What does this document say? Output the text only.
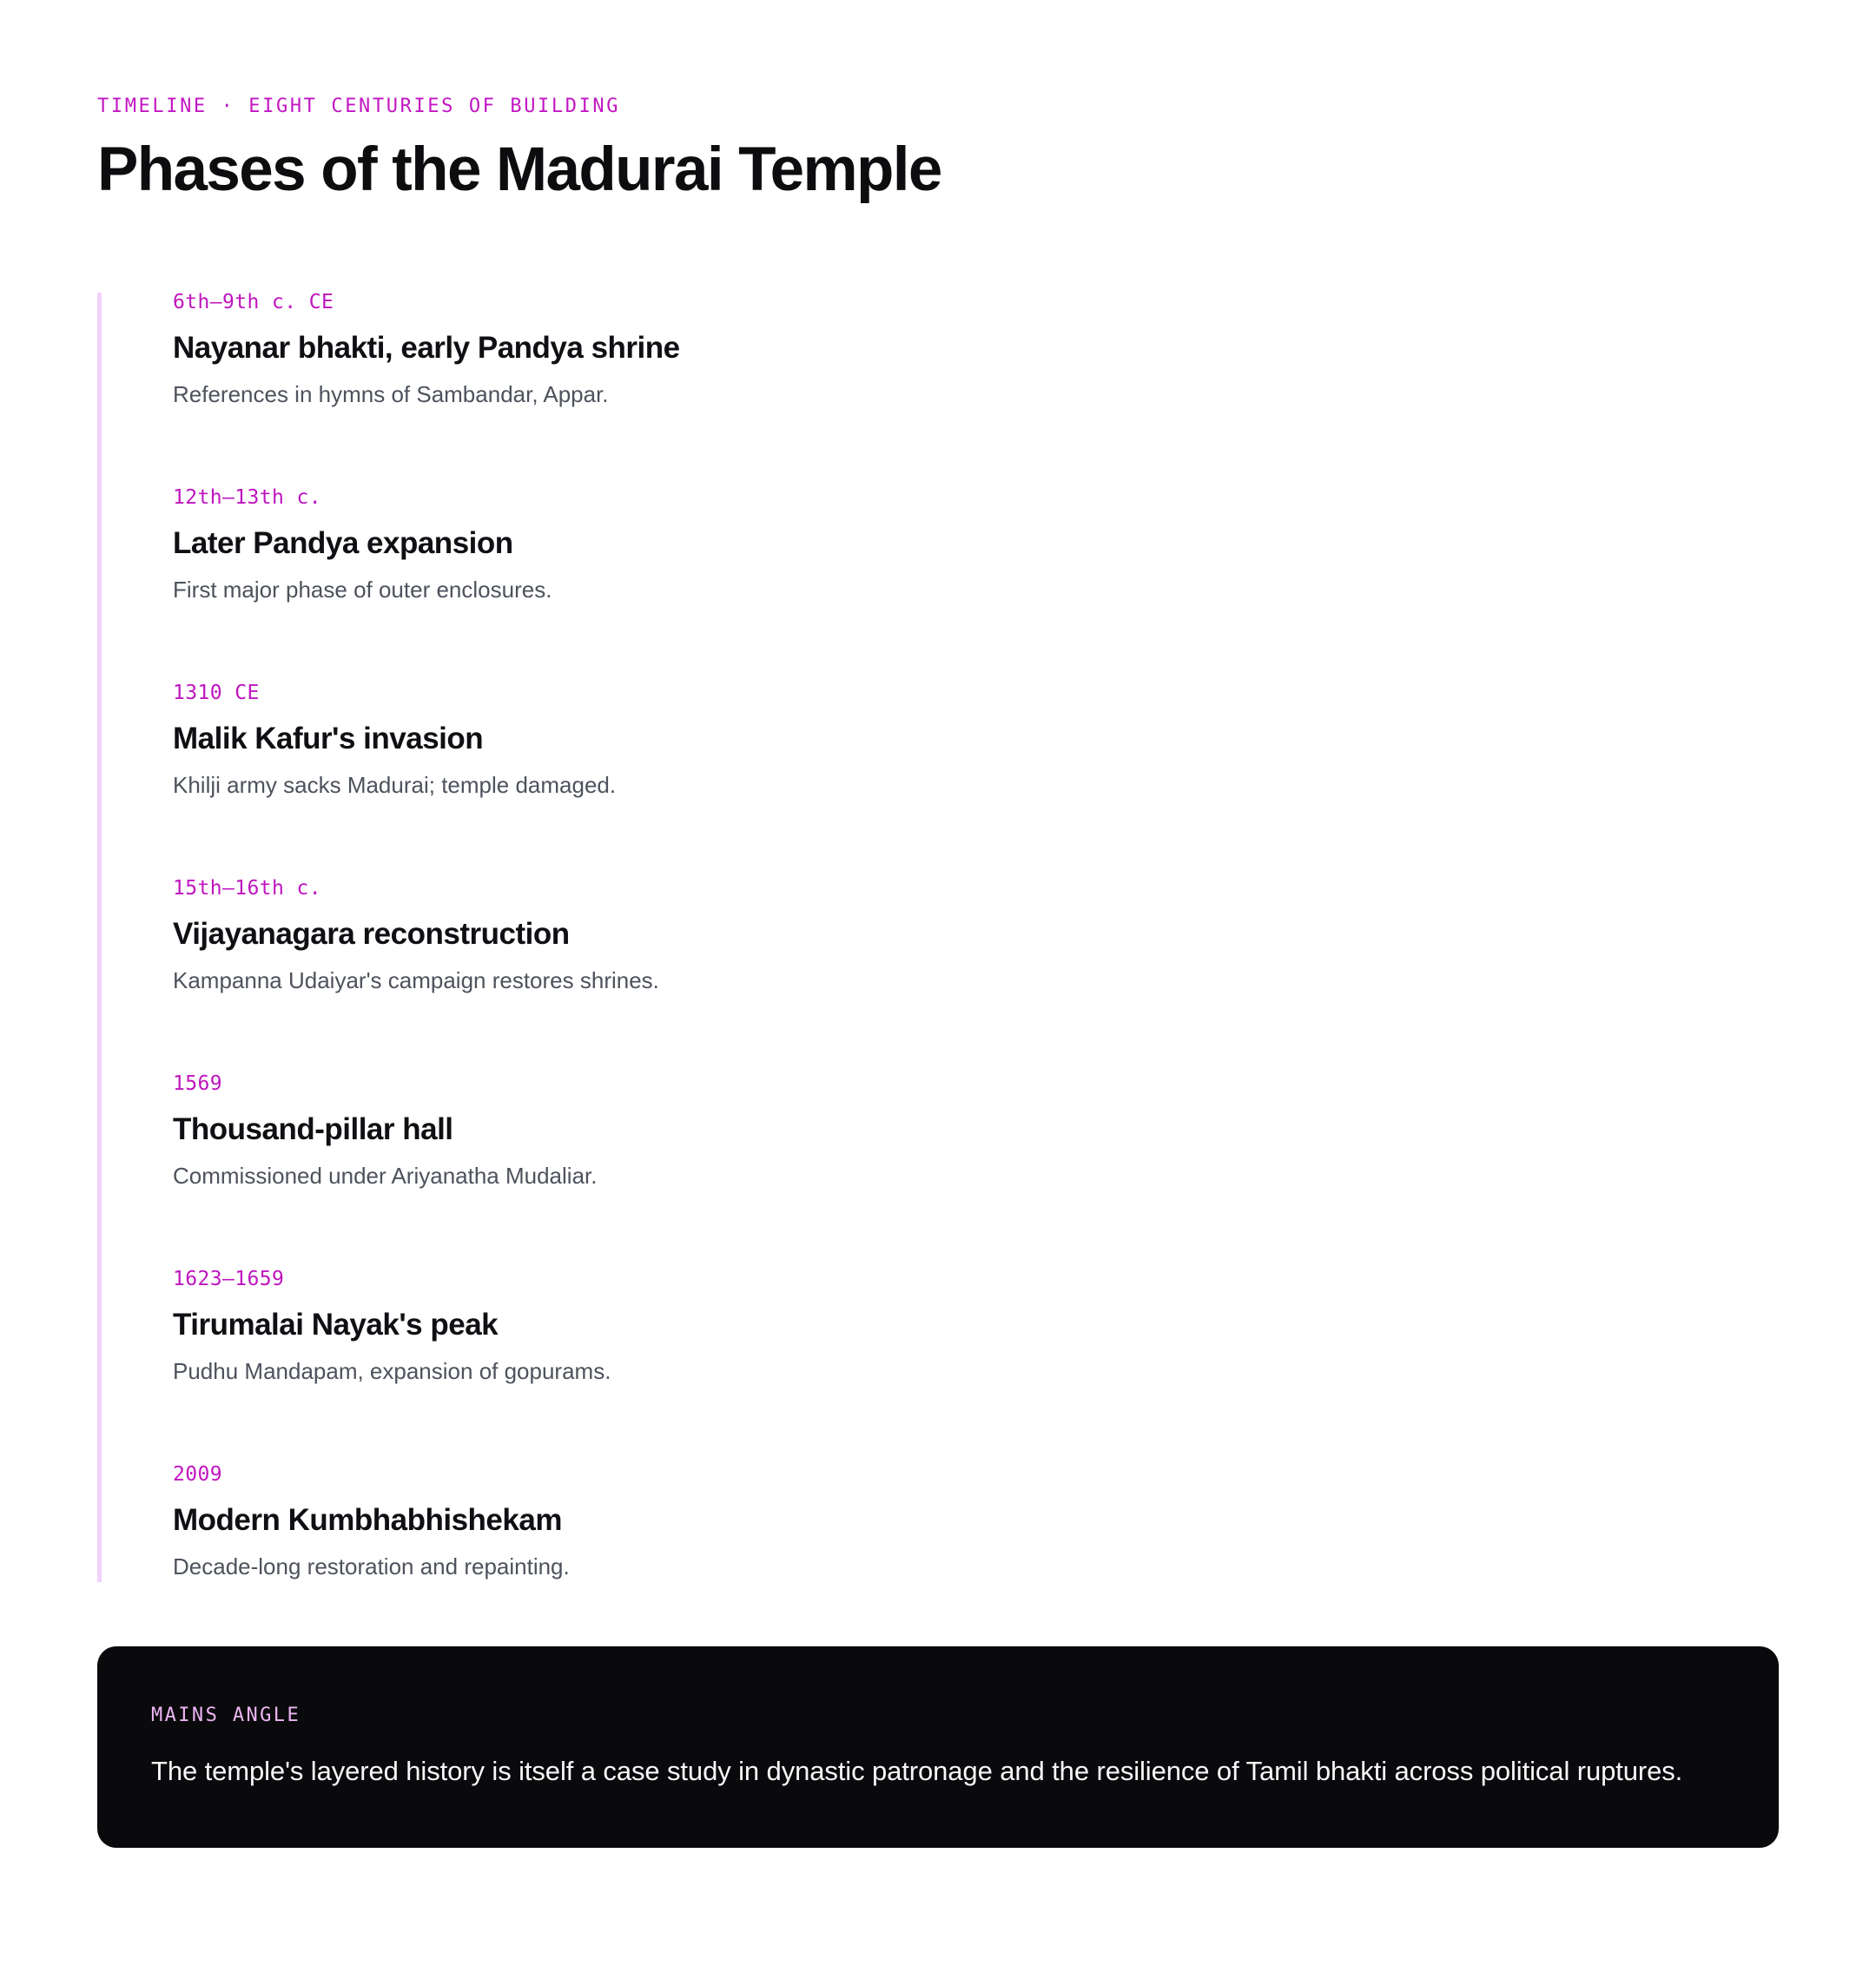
TIMELINE · EIGHT CENTURIES OF BUILDING
Phases of the Madurai Temple
6th–9th c. CE
Nayanar bhakti, early Pandya shrine
References in hymns of Sambandar, Appar.
12th–13th c.
Later Pandya expansion
First major phase of outer enclosures.
1310 CE
Malik Kafur's invasion
Khilji army sacks Madurai; temple damaged.
15th–16th c.
Vijayanagara reconstruction
Kampanna Udaiyar's campaign restores shrines.
1569
Thousand-pillar hall
Commissioned under Ariyanatha Mudaliar.
1623–1659
Tirumalai Nayak's peak
Pudhu Mandapam, expansion of gopurams.
2009
Modern Kumbhabhishekam
Decade-long restoration and repainting.
MAINS ANGLE
The temple's layered history is itself a case study in dynastic patronage and the resilience of Tamil bhakti across political ruptures.
